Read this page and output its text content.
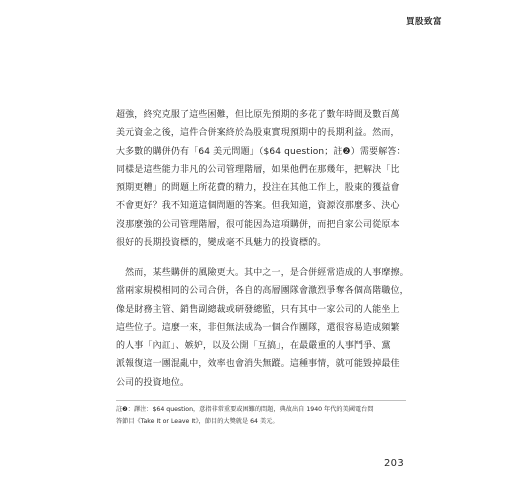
買股致富
超強，終究克服了這些困難，但比原先預期的多花了數年時間及數百萬
美元資金之後，這件合併案終於為股東實現預期中的長期利益。然而，
大多數的購併仍有「64 美元問題」（$64 question；註❷）需要解答：
同樣是這些能力非凡的公司管理階層，如果他們在那幾年，把解決「比
預期更糟」的問題上所花費的精力，投注在其他工作上，股東的獲益會
不會更好？我不知道這個問題的答案。但我知道，資源沒那麼多、決心
沒那麼強的公司管理階層，很可能因為這項購併，而把自家公司從原本
很好的長期投資標的，變成毫不具魅力的投資標的。
　然而，某些購併的風險更大。其中之一，是合併經常造成的人事摩擦。
當兩家規模相同的公司合併，各自的高層團隊會激烈爭奪各個高階職位，
像是財務主管、銷售副總裁或研發總監，只有其中一家公司的人能坐上
這些位子。這麼一來，非但無法成為一個合作團隊，還很容易造成頻繁
的人事「內訌」、嫉妒，以及公開「互搞」，在最嚴重的人事鬥爭、黨
派報復這一團混亂中，效率也會消失無蹤。這種事情，就可能毀掉最佳
公司的投資地位。
註❷：譯注：$64 question，意指非常重要或困難的問題，典故出自 1940 年代的美國電台問
答節目《Take It or Leave It》，節目的大獎就是 64 美元。
203
